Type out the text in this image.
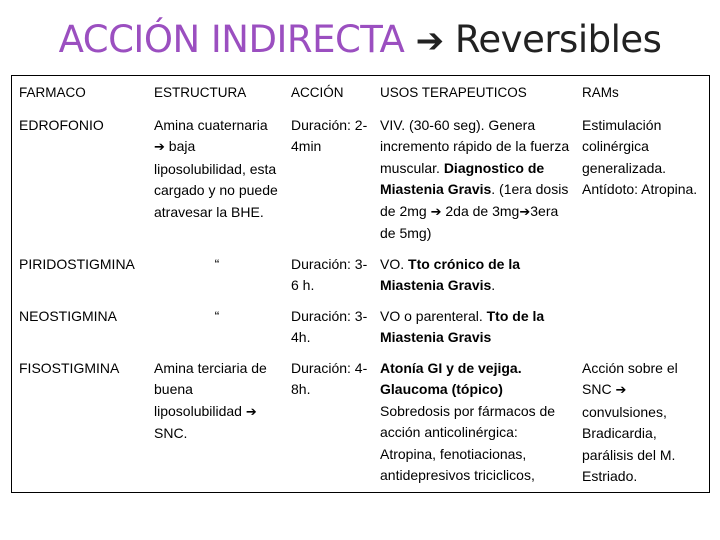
ACCIÓN INDIRECTA ➔ Reversibles
FARMACO	ESTRUCTURA	ACCIÓN	USOS TERAPEUTICOS	RAMs
EDROFONIO	Amina cuaternaria ➔ baja liposolubilidad, esta cargado y no puede atravesar la BHE.	Duración: 2-4min	VIV. (30-60 seg). Genera incremento rápido de la fuerza muscular. Diagnostico de Miastenia Gravis. (1era dosis de 2mg ➔ 2da de 3mg➔3era de 5mg)	Estimulación colinérgica generalizada. Antídoto: Atropina.
PIRIDOSTIGMINA	“	Duración: 3-6 h.	VO. Tto crónico de la Miastenia Gravis.	
NEOSTIGMINA	“	Duración: 3-4h.	VO o parenteral. Tto de la Miastenia Gravis	
FISOSTIGMINA	Amina terciaria de buena liposolubilidad ➔ SNC.	Duración: 4-8h.	Atonía GI y de vejiga. Glaucoma (tópico) Sobredosis por fármacos de acción anticolinérgica: Atropina, fenotiacionas, antidepresivos triciclicos,	Acción sobre el SNC ➔ convulsiones, Bradicardia, parálisis del M. Estriado.
